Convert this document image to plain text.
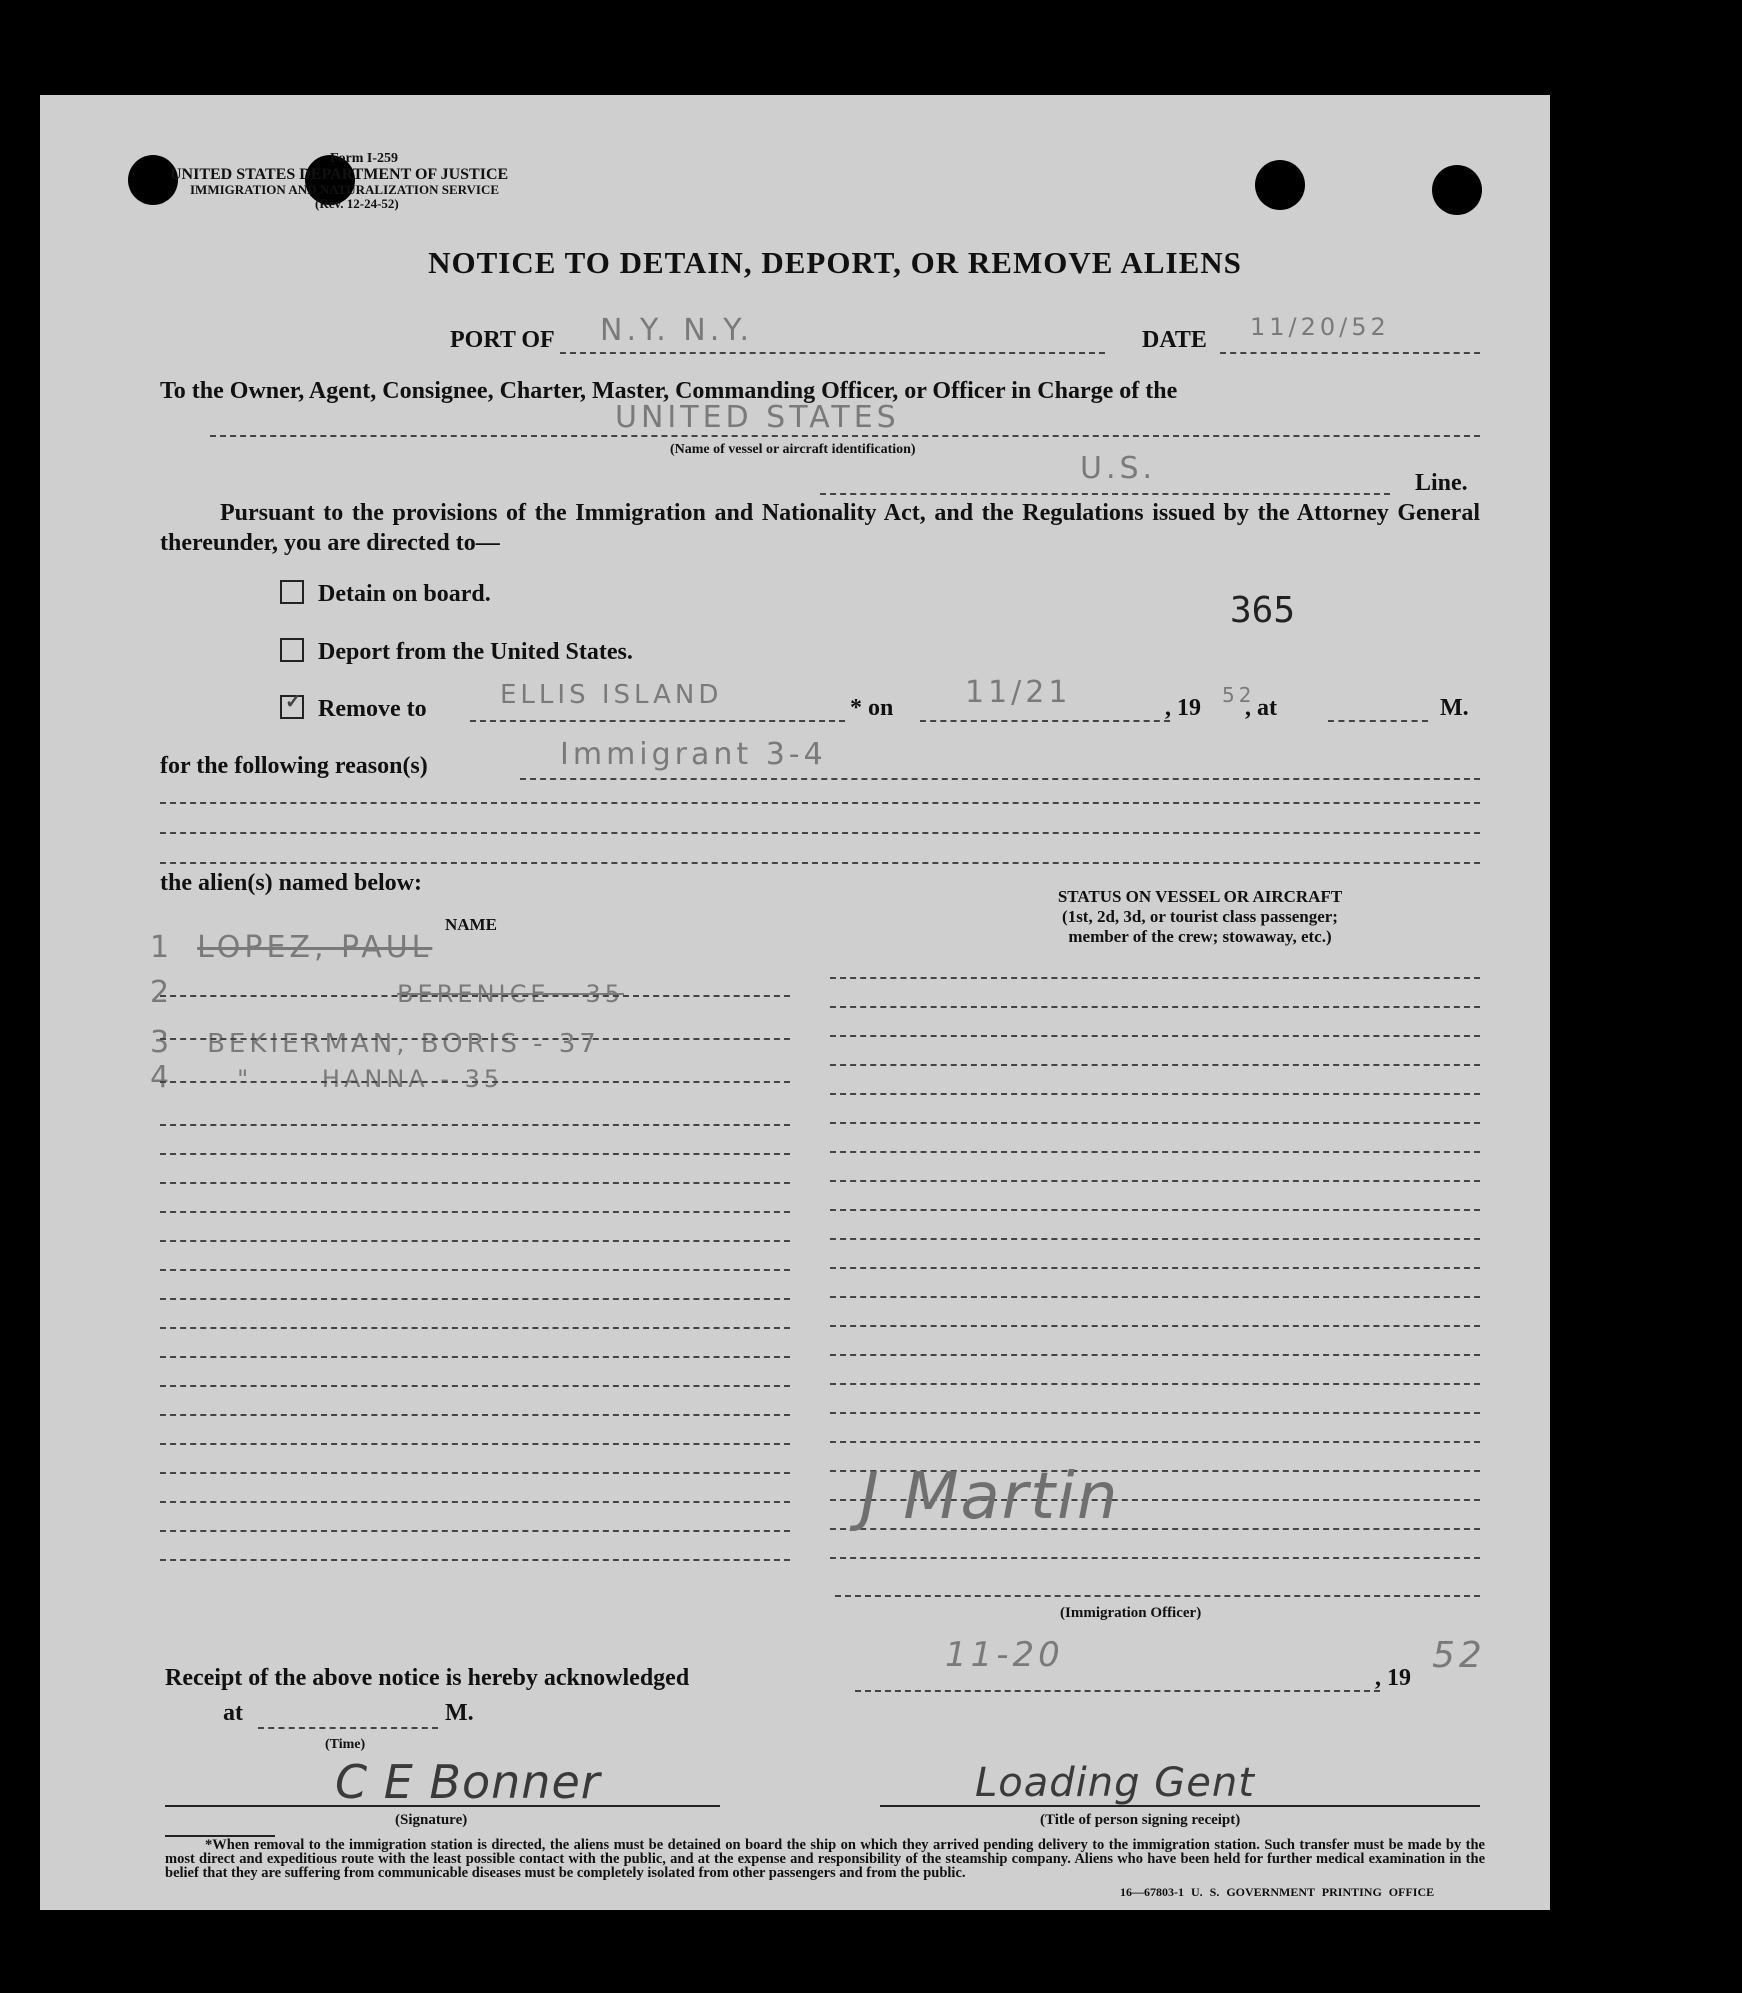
Form I-259
UNITED STATES DEPARTMENT OF JUSTICE
IMMIGRATION AND NATURALIZATION SERVICE
(Rev. 12-24-52)
NOTICE TO DETAIN, DEPORT, OR REMOVE ALIENS
PORT OF N.Y. N.Y.	DATE 11/20/52
To the Owner, Agent, Consignee, Charter, Master, Commanding Officer, or Officer in Charge of the
UNITED STATES
(Name of vessel or aircraft identification)
U.S.	Line.
Pursuant to the provisions of the Immigration and Nationality Act, and the Regulations issued by the Attorney General thereunder, you are directed to—
Detain on board.	365
Deport from the United States.
✓ Remove to	ELLIS ISLAND	* on 11/21	, 19 52
, at	M.
for the following reason(s)	Immigrant 3-4
the alien(s) named below:
NAME
STATUS ON VESSEL OR AIRCRAFT
(1st, 2d, 3d, or tourist class passenger;
member of the crew; stowaway, etc.)
1 LOPEZ, PAUL
2	BERENICE - 35
3 BEKIERMAN, BORIS - 37
4	"      HANNA - 35
J Martin
(Immigration Officer)
Receipt of the above notice is hereby acknowledged
11-20
, 19
52
at	M.
(Time)
C E Bonner
(Signature)
Loading Gent
(Title of person signing receipt)
*When removal to the immigration station is directed, the aliens must be detained on board the ship on which they arrived pending delivery to the immigration station. Such transfer must be made by the most direct and expeditious route with the least possible contact with the public, and at the expense and responsibility of the steamship company. Aliens who have been held for further medical examination in the belief that they are suffering from communicable diseases must be completely isolated from other passengers and from the public.
16—67803-1 U. S. GOVERNMENT PRINTING OFFICE
